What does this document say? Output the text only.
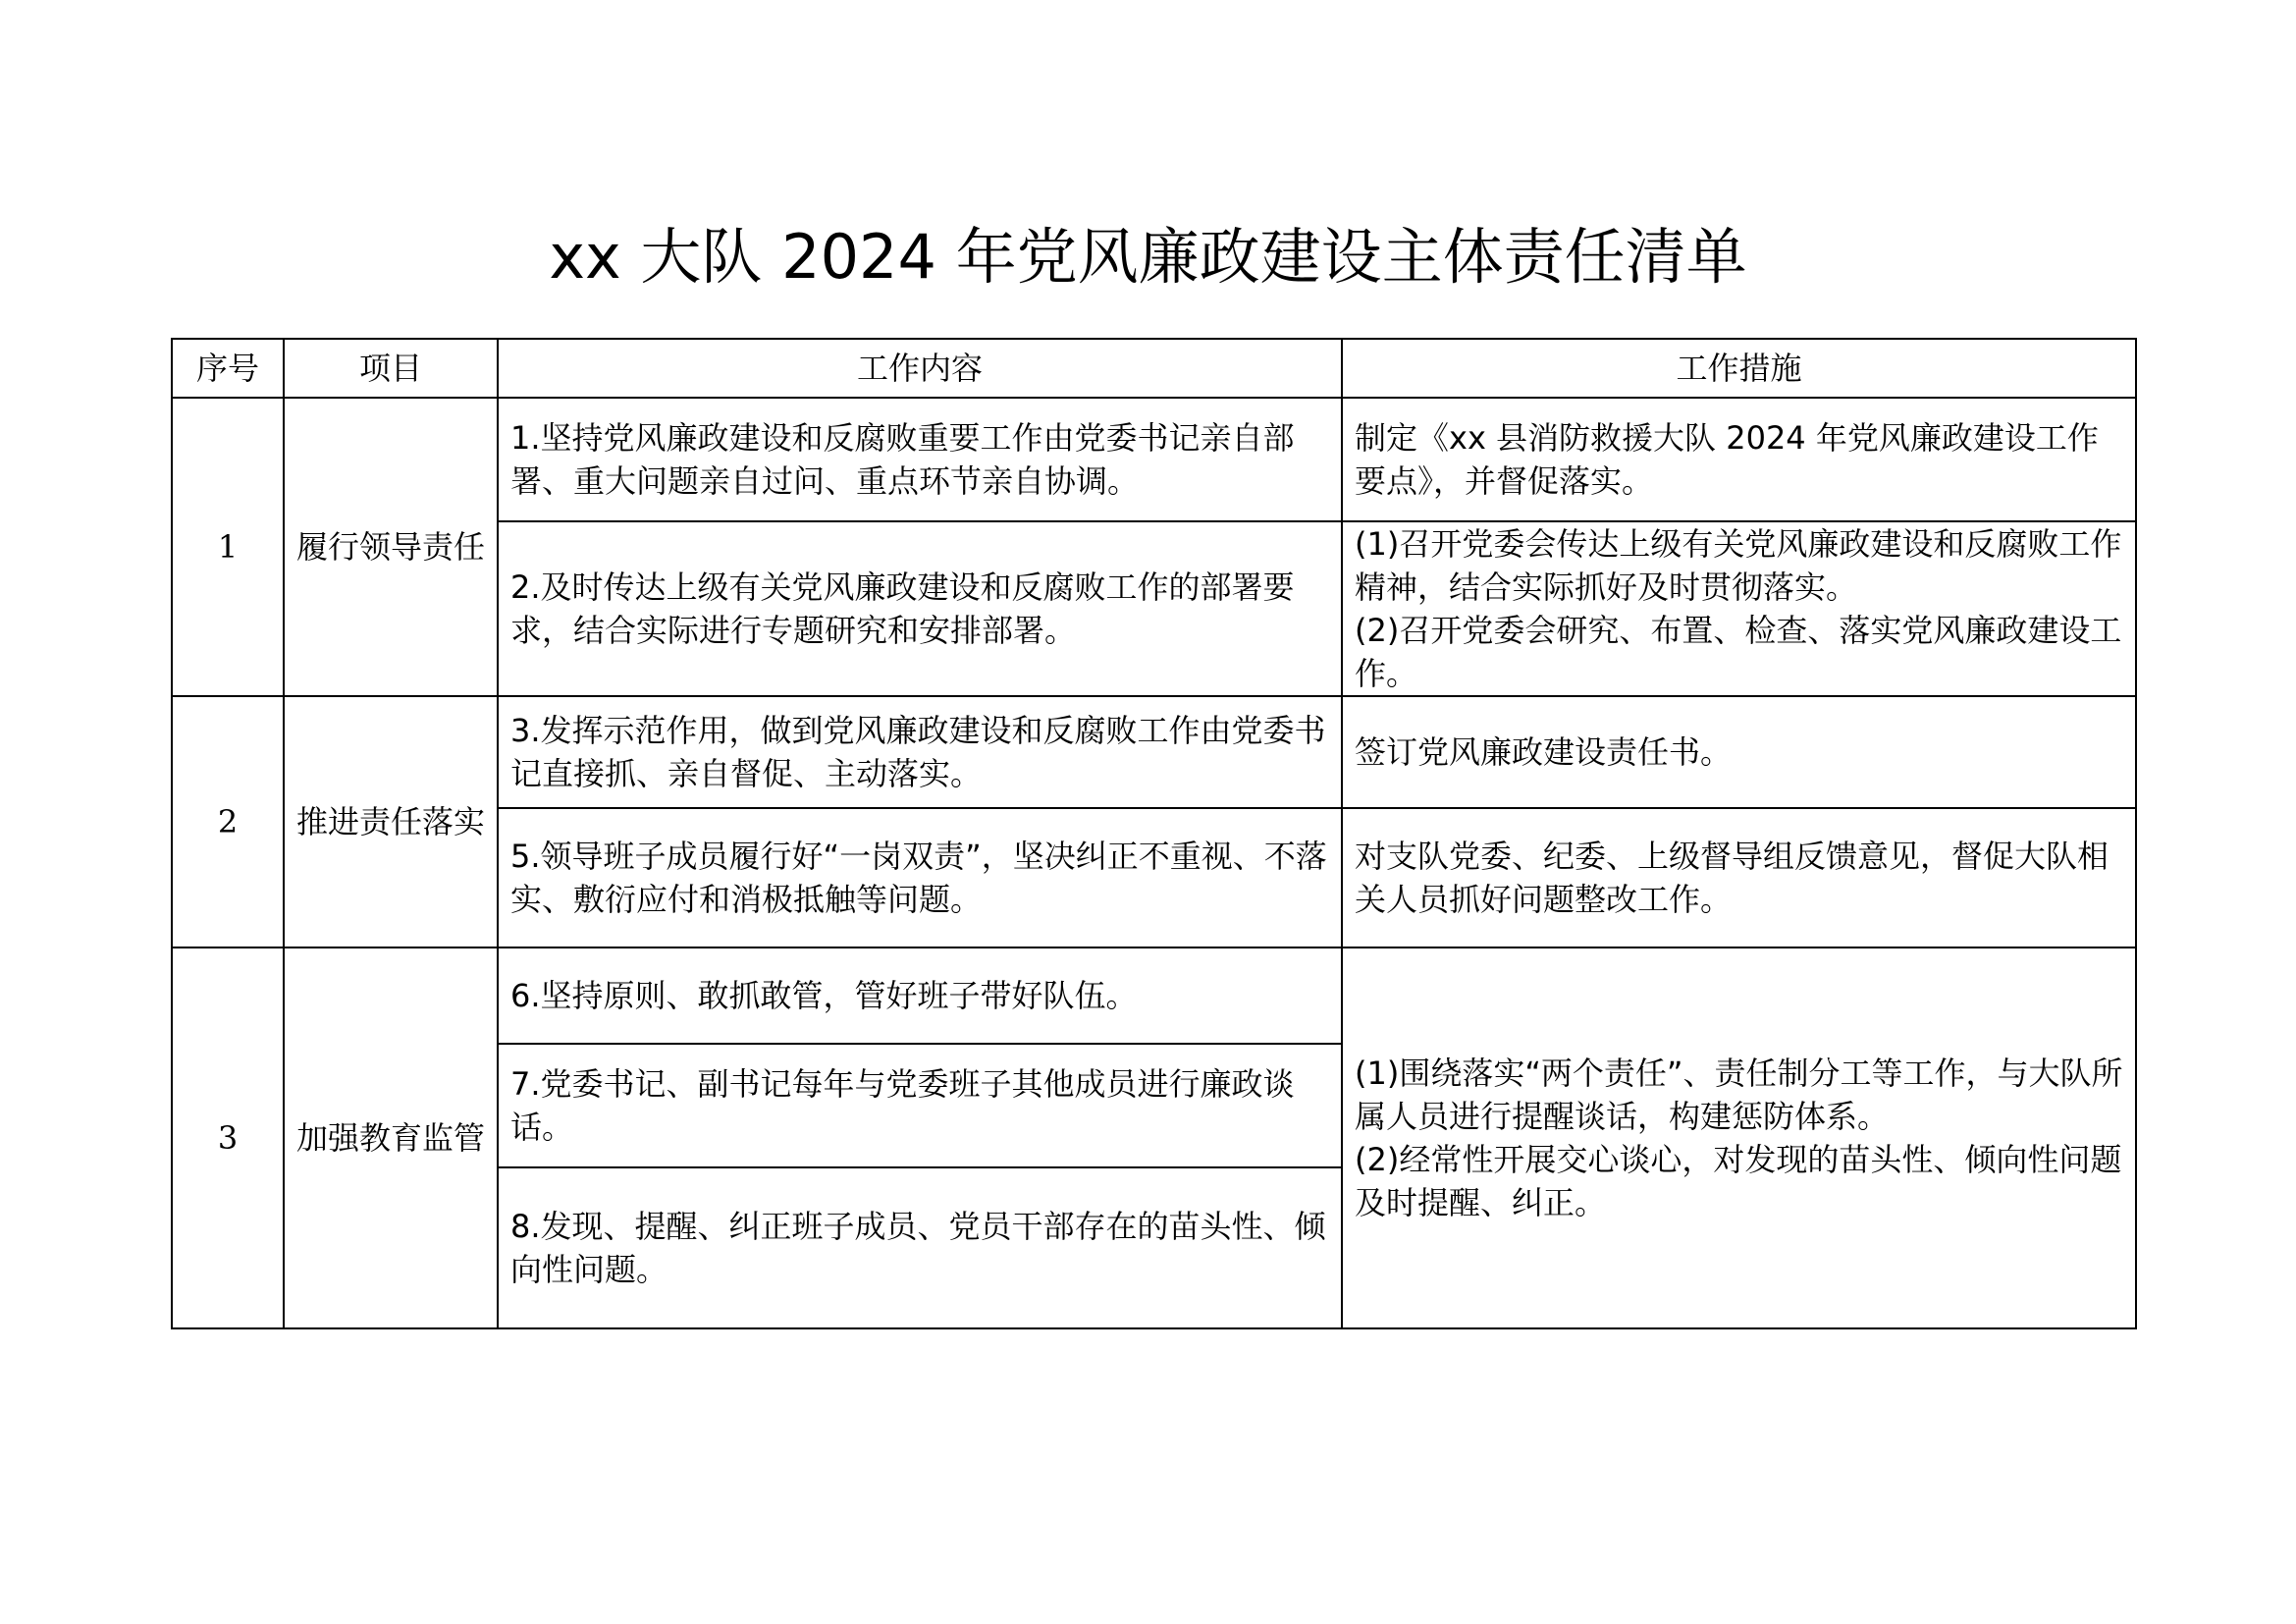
xx 大队 2024 年党风廉政建设主体责任清单
序号	项目	工作内容	工作措施
1	履行领导责任	1.坚持党风廉政建设和反腐败重要工作由党委书记亲自部署、重大问题亲自过问、重点环节亲自协调。	制定《xx 县消防救援大队 2024 年党风廉政建设工作要点》，并督促落实。

		2.及时传达上级有关党风廉政建设和反腐败工作的部署要求，结合实际进行专题研究和安排部署。	(1)召开党委会传达上级有关党风廉政建设和反腐败工作精神，结合实际抓好及时贯彻落实。
(2)召开党委会研究、布置、检查、落实党风廉政建设工作。

2	推进责任落实	3.发挥示范作用，做到党风廉政建设和反腐败工作由党委书记直接抓、亲自督促、主动落实。	签订党风廉政建设责任书。

		5.领导班子成员履行好“一岗双责”，坚决纠正不重视、不落实、敷衍应付和消极抵触等问题。	对支队党委、纪委、上级督导组反馈意见，督促大队相关人员抓好问题整改工作。

3	加强教育监管	6.坚持原则、敢抓敢管，管好班子带好队伍。	(1)围绕落实“两个责任”、责任制分工等工作，与大队所属人员进行提醒谈话，构建惩防体系。
(2)经常性开展交心谈心，对发现的苗头性、倾向性问题及时提醒、纠正。

		7.党委书记、副书记每年与党委班子其他成员进行廉政谈话。	
		8.发现、提醒、纠正班子成员、党员干部存在的苗头性、倾向性问题。	
